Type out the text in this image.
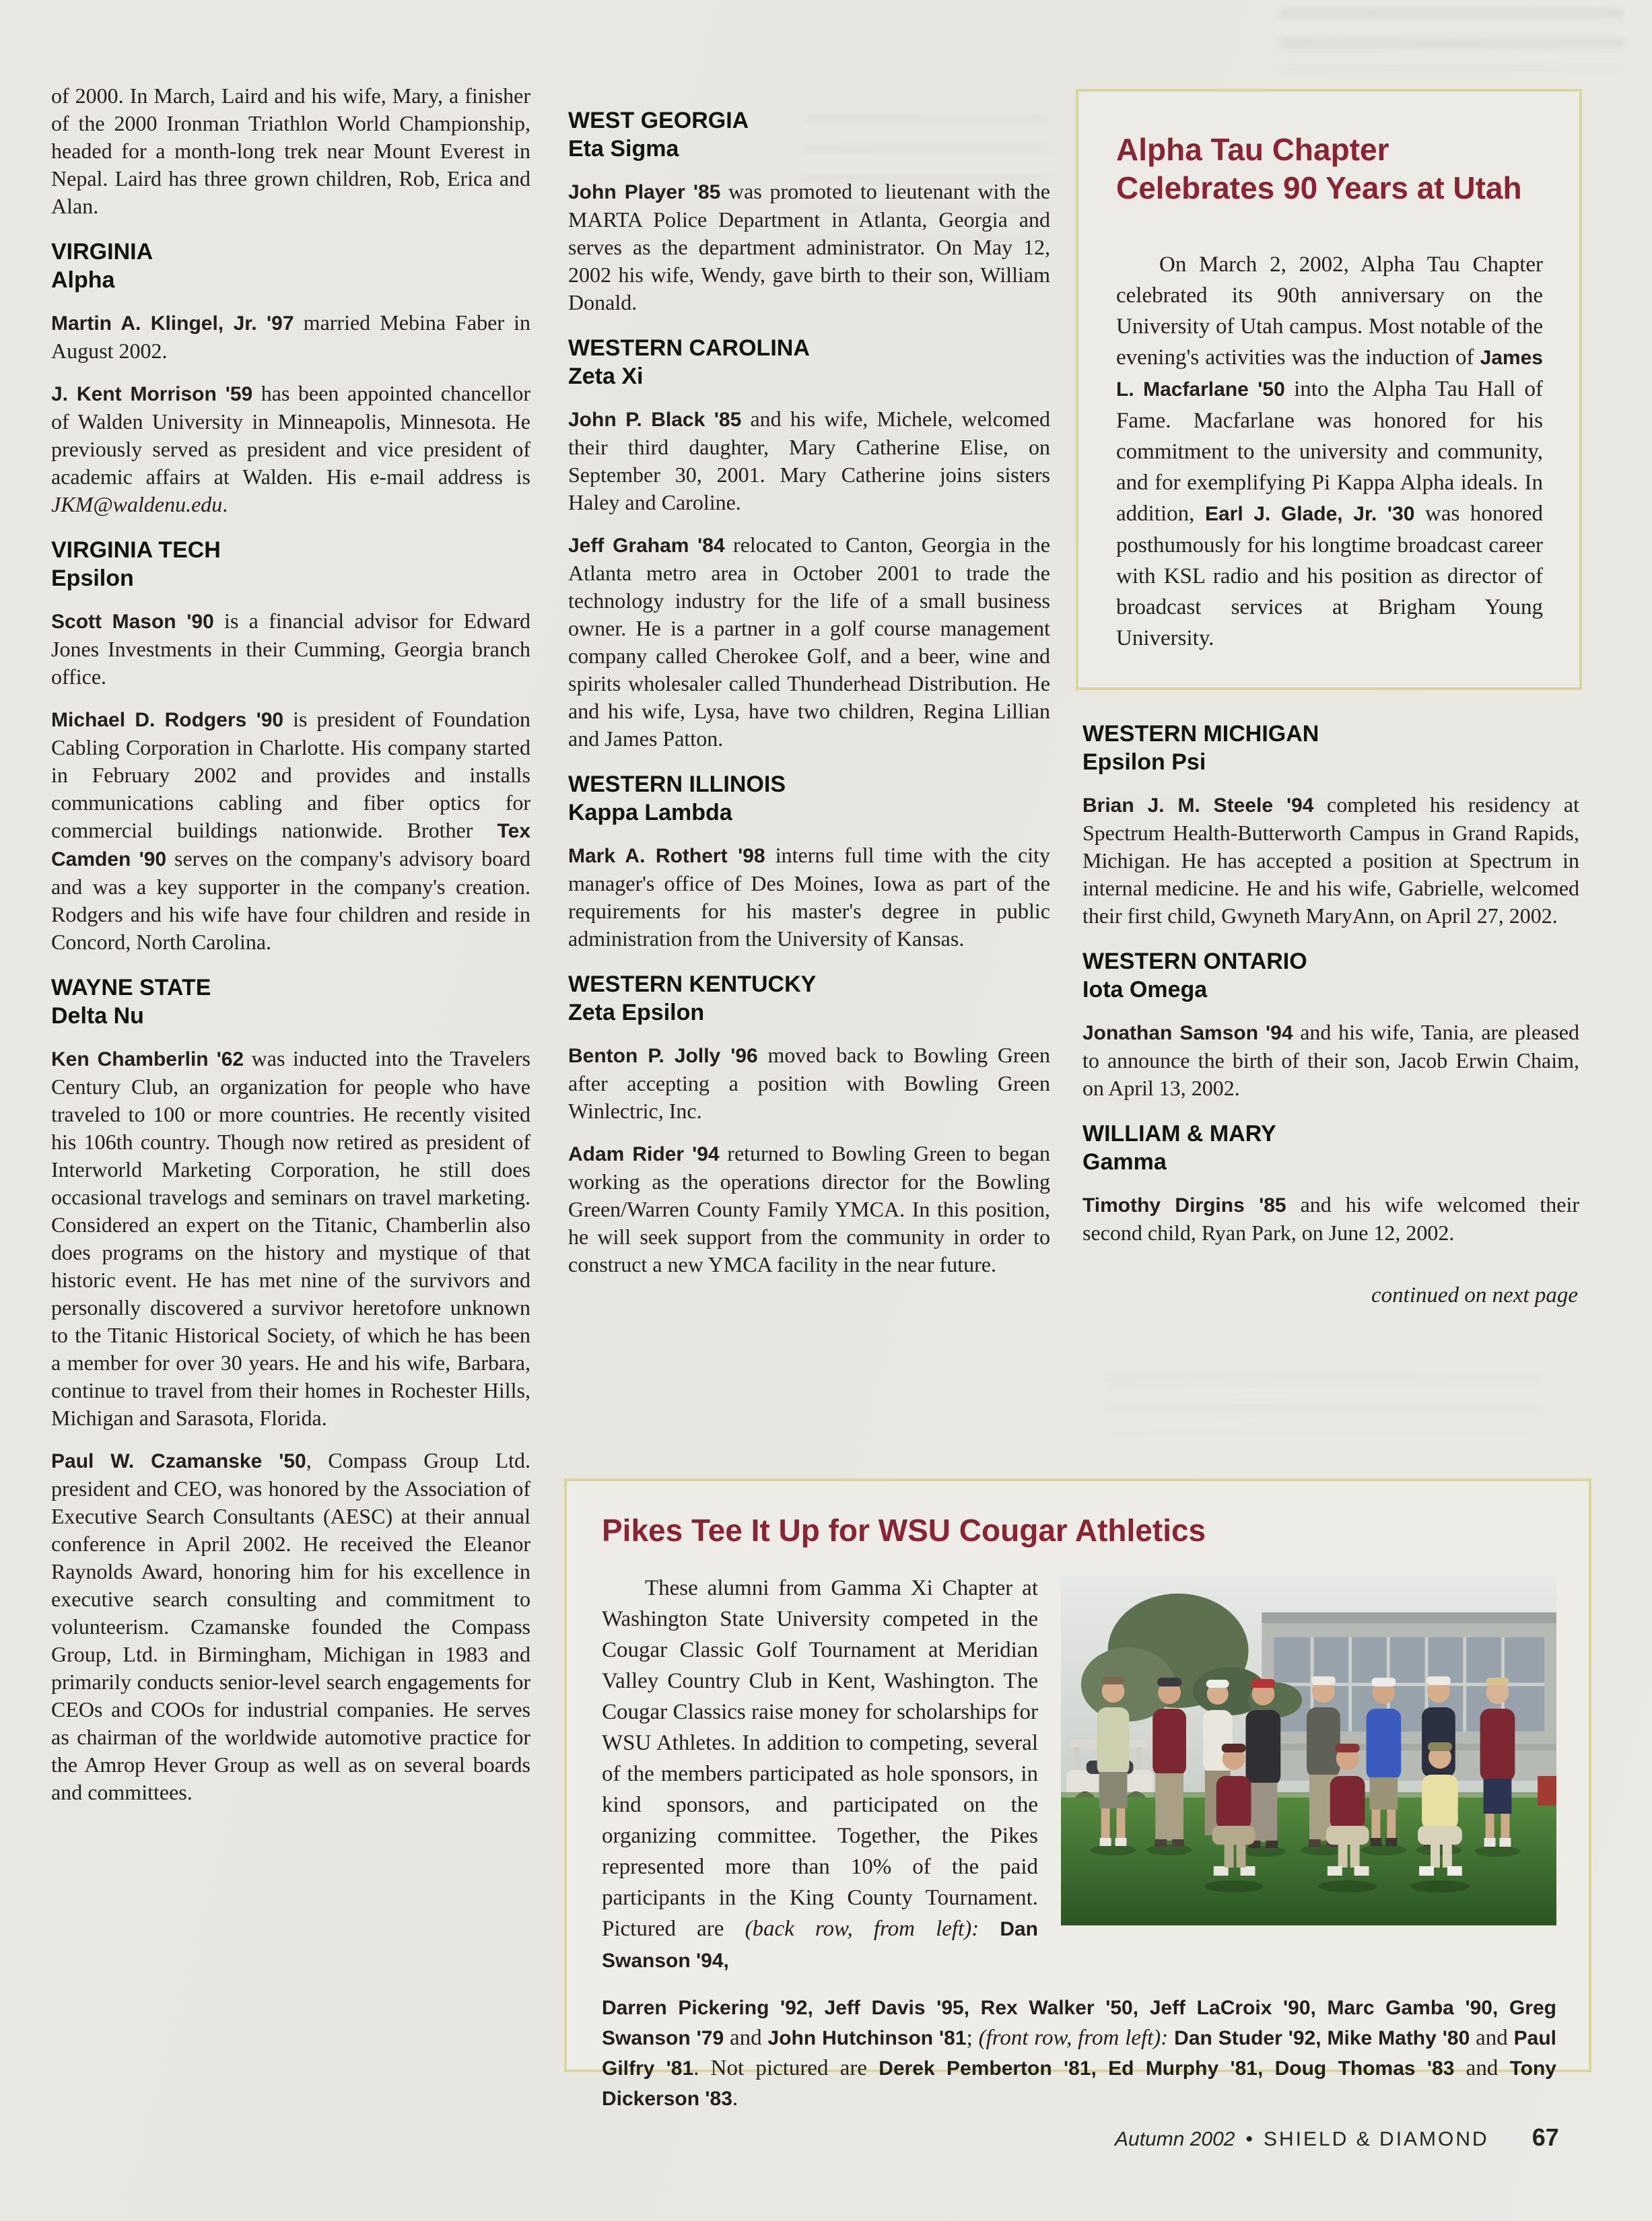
of 2000. In March, Laird and his wife, Mary, a finisher of the 2000 Ironman Triathlon World Championship, headed for a month-long trek near Mount Everest in Nepal. Laird has three grown children, Rob, Erica and Alan.

VIRGINIA
Alpha

Martin A. Klingel, Jr. '97 married Mebina Faber in August 2002.

J. Kent Morrison '59 has been appointed chancellor of Walden University in Minneapolis, Minnesota. He previously served as president and vice president of academic affairs at Walden. His e-mail address is JKM@waldenu.edu.

VIRGINIA TECH
Epsilon

Scott Mason '90 is a financial advisor for Edward Jones Investments in their Cumming, Georgia branch office.

Michael D. Rodgers '90 is president of Foundation Cabling Corporation in Charlotte. His company started in February 2002 and provides and installs communications cabling and fiber optics for commercial buildings nationwide. Brother Tex Camden '90 serves on the company's advisory board and was a key supporter in the company's creation. Rodgers and his wife have four children and reside in Concord, North Carolina.

WAYNE STATE
Delta Nu

Ken Chamberlin '62 was inducted into the Travelers Century Club, an organization for people who have traveled to 100 or more countries. He recently visited his 106th country. Though now retired as president of Interworld Marketing Corporation, he still does occasional travelogs and seminars on travel marketing. Considered an expert on the Titanic, Chamberlin also does programs on the history and mystique of that historic event. He has met nine of the survivors and personally discovered a survivor heretofore unknown to the Titanic Historical Society, of which he has been a member for over 30 years. He and his wife, Barbara, continue to travel from their homes in Rochester Hills, Michigan and Sarasota, Florida.

Paul W. Czamanske '50, Compass Group Ltd. president and CEO, was honored by the Association of Executive Search Consultants (AESC) at their annual conference in April 2002. He received the Eleanor Raynolds Award, honoring him for his excellence in executive search consulting and commitment to volunteerism. Czamanske founded the Compass Group, Ltd. in Birmingham, Michigan in 1983 and primarily conducts senior-level search engagements for CEOs and COOs for industrial companies. He serves as chairman of the worldwide automotive practice for the Amrop Hever Group as well as on several boards and committees.

WEST GEORGIA
Eta Sigma

John Player '85 was promoted to lieutenant with the MARTA Police Department in Atlanta, Georgia and serves as the department administrator. On May 12, 2002 his wife, Wendy, gave birth to their son, William Donald.

WESTERN CAROLINA
Zeta Xi

John P. Black '85 and his wife, Michele, welcomed their third daughter, Mary Catherine Elise, on September 30, 2001. Mary Catherine joins sisters Haley and Caroline.

Jeff Graham '84 relocated to Canton, Georgia in the Atlanta metro area in October 2001 to trade the technology industry for the life of a small business owner. He is a partner in a golf course management company called Cherokee Golf, and a beer, wine and spirits wholesaler called Thunderhead Distribution. He and his wife, Lysa, have two children, Regina Lillian and James Patton.

WESTERN ILLINOIS
Kappa Lambda

Mark A. Rothert '98 interns full time with the city manager's office of Des Moines, Iowa as part of the requirements for his master's degree in public administration from the University of Kansas.

WESTERN KENTUCKY
Zeta Epsilon

Benton P. Jolly '96 moved back to Bowling Green after accepting a position with Bowling Green Winlectric, Inc.

Adam Rider '94 returned to Bowling Green to began working as the operations director for the Bowling Green/Warren County Family YMCA. In this position, he will seek support from the community in order to construct a new YMCA facility in the near future.

Alpha Tau Chapter Celebrates 90 Years at Utah

On March 2, 2002, Alpha Tau Chapter celebrated its 90th anniversary on the University of Utah campus. Most notable of the evening's activities was the induction of James L. Macfarlane '50 into the Alpha Tau Hall of Fame. Macfarlane was honored for his commitment to the university and community, and for exemplifying Pi Kappa Alpha ideals. In addition, Earl J. Glade, Jr. '30 was honored posthumously for his longtime broadcast career with KSL radio and his position as director of broadcast services at Brigham Young University.

WESTERN MICHIGAN
Epsilon Psi

Brian J. M. Steele '94 completed his residency at Spectrum Health-Butterworth Campus in Grand Rapids, Michigan. He has accepted a position at Spectrum in internal medicine. He and his wife, Gabrielle, welcomed their first child, Gwyneth MaryAnn, on April 27, 2002.

WESTERN ONTARIO
Iota Omega

Jonathan Samson '94 and his wife, Tania, are pleased to announce the birth of their son, Jacob Erwin Chaim, on April 13, 2002.

WILLIAM & MARY
Gamma

Timothy Dirgins '85 and his wife welcomed their second child, Ryan Park, on June 12, 2002.

continued on next page
Pikes Tee It Up for WSU Cougar Athletics

These alumni from Gamma Xi Chapter at Washington State University competed in the Cougar Classic Golf Tournament at Meridian Valley Country Club in Kent, Washington. The Cougar Classics raise money for scholarships for WSU Athletes. In addition to competing, several of the members participated as hole sponsors, in kind sponsors, and participated on the organizing committee. Together, the Pikes represented more than 10% of the paid participants in the King County Tournament. Pictured are (back row, from left): Dan Swanson '94,

Darren Pickering '92, Jeff Davis '95, Rex Walker '50, Jeff LaCroix '90, Marc Gamba '90, Greg Swanson '79 and John Hutchinson '81; (front row, from left): Dan Studer '92, Mike Mathy '80 and Paul Gilfry '81. Not pictured are Derek Pemberton '81, Ed Murphy '81, Doug Thomas '83 and Tony Dickerson '83.

Autumn 2002 • SHIELD & DIAMOND 67
